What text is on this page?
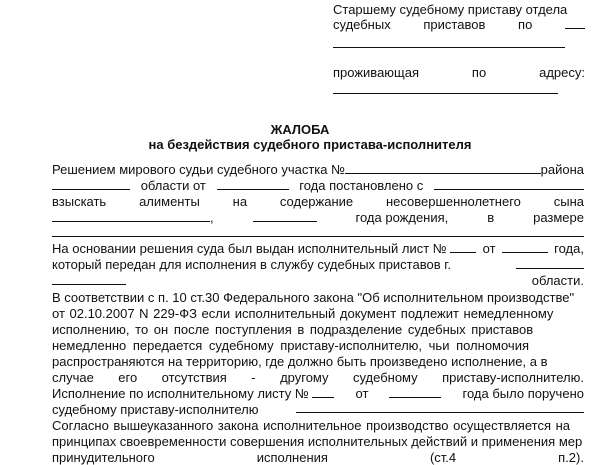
Старшему судебному приставу отдела
судебных	приставов	по
проживающая	по	адресу:
ЖАЛОБА
на бездействия судебного пристава-исполнителя
Решением мирового судьи судебного участка №	района
области от	года постановлено с
взыскать	алименты	на	содержание	несовершеннолетнего	сына
,	года рождения,	в	размере
На основании решения суда был выдан исполнительный лист №	от	года,
который передан для исполнения в службу судебных приставов г.
области.
В соответствии с п. 10 ст.30 Федерального закона "Об исполнительном производстве"
от 02.10.2007 N 229-ФЗ если исполнительный документ подлежит немедленному
исполнению, то он после поступления в подразделение судебных приставов
немедленно передается судебному приставу-исполнителю, чьи полномочия
распространяются на территорию, где должно быть произведено исполнение, а в
случае его отсутствия - другому судебному приставу-исполнителю.
Исполнение по исполнительному листу №	от	года было поручено
судебному приставу-исполнителю
Согласно вышеуказанного закона исполнительное производство осуществляется на
принципах своевременности совершения исполнительных действий и применения мер
принудительного	исполнения	(ст.4	п.2).
